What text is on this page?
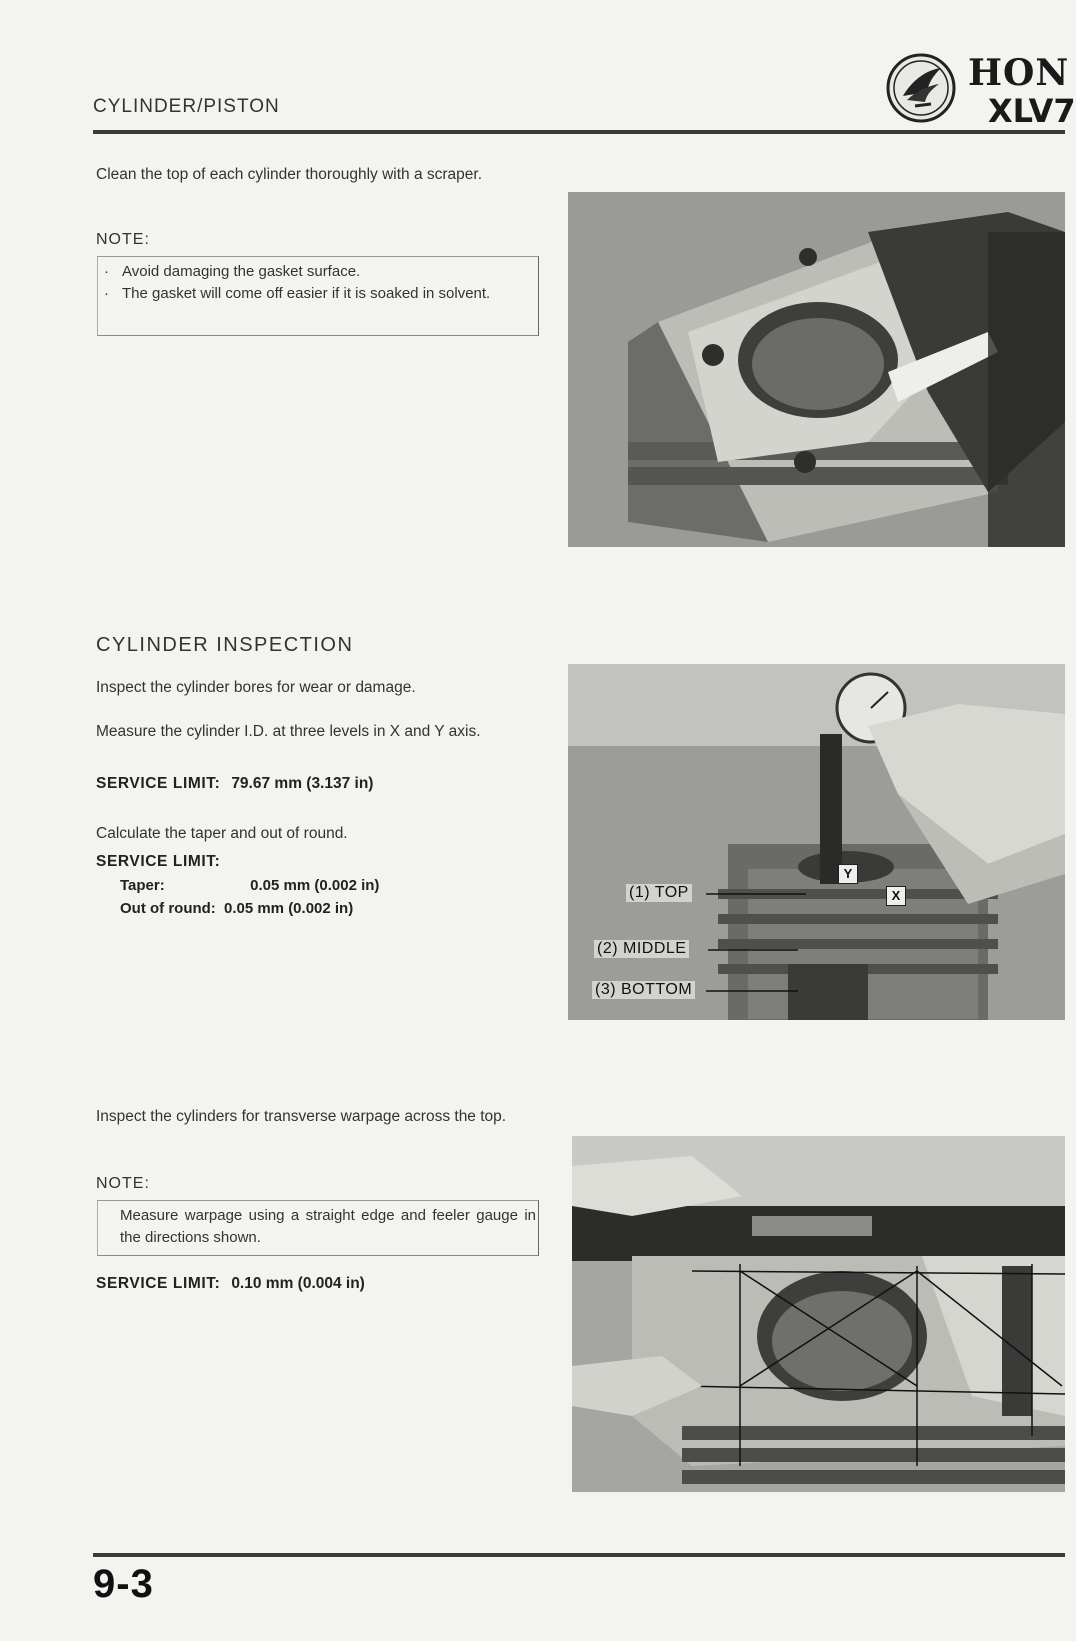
CYLINDER/PISTON
HON
XLV7
Clean the top of each cylinder thoroughly with a scraper.
NOTE:
· Avoid damaging the gasket surface.
· The gasket will come off easier if it is soaked in solvent.
CYLINDER INSPECTION
Inspect the cylinder bores for wear or damage.
Measure the cylinder I.D. at three levels in X and Y axis.
SERVICE LIMIT: 79.67 mm (3.137 in)
Calculate the taper and out of round.
SERVICE LIMIT:
Taper:	0.05 mm (0.002 in)
Out of round: 0.05 mm (0.002 in)
Y
X
(1) TOP
(2) MIDDLE
(3) BOTTOM
Inspect the cylinders for transverse warpage across the top.
NOTE:
Measure warpage using a straight edge and feeler gauge in the directions shown.
SERVICE LIMIT: 0.10 mm (0.004 in)
9-3
